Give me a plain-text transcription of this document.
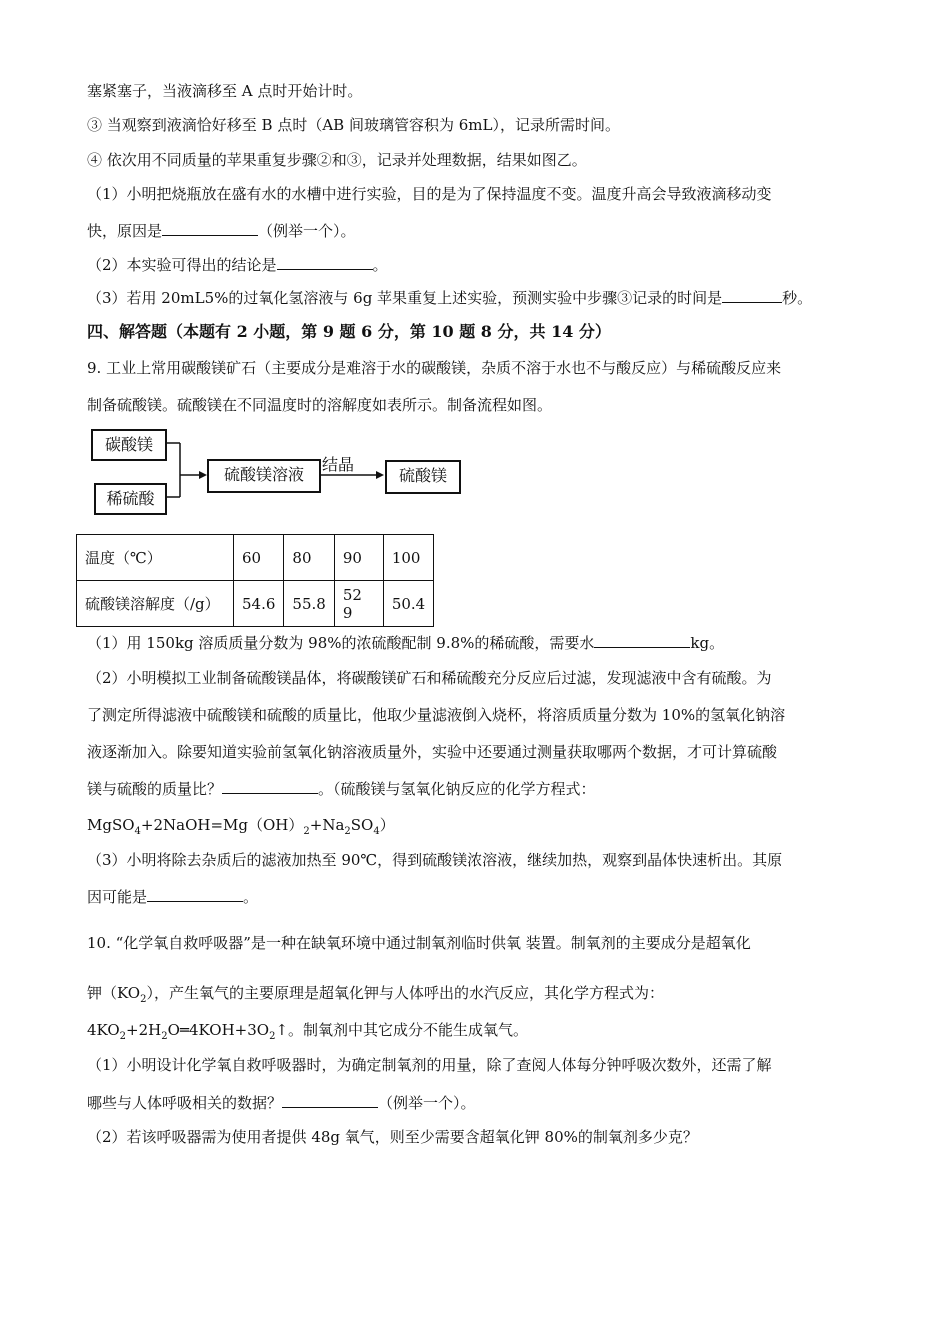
塞紧塞子，当液滴移至 A 点时开始计时。
③ 当观察到液滴恰好移至 B 点时（AB 间玻璃管容积为 6mL），记录所需时间。
④ 依次用不同质量的苹果重复步骤②和③，记录并处理数据，结果如图乙。
（1）小明把烧瓶放在盛有水的水槽中进行实验，目的是为了保持温度不变。温度升高会导致液滴移动变
快，原因是	（例举一个）。
（2）本实验可得出的结论是	。
（3）若用 20mL5%的过氧化氢溶液与 6g 苹果重复上述实验，预测实验中步骤③记录的时间是	秒。
四、解答题（本题有 2 小题，第 9 题 6 分，第 10 题 8 分，共 14 分）
9. 工业上常用碳酸镁矿石（主要成分是难溶于水的碳酸镁，杂质不溶于水也不与酸反应）与稀硫酸反应来
制备硫酸镁。硫酸镁在不同温度时的溶解度如表所示。制备流程如图。
碳酸镁
稀硫酸
硫酸镁溶液	硫酸镁
结晶
温度（℃）	60	80	90	100
硫酸镁溶解度（/g）	54.6	55.8	52 9	50.4
（1）用 150kg 溶质质量分数为 98%的浓硫酸配制 9.8%的稀硫酸，需要水	kg。
（2）小明模拟工业制备硫酸镁晶体，将碳酸镁矿石和稀硫酸充分反应后过滤，发现滤液中含有硫酸。为
了测定所得滤液中硫酸镁和硫酸的质量比，他取少量滤液倒入烧杯，将溶质质量分数为 10%的氢氧化钠溶
液逐渐加入。除要知道实验前氢氧化钠溶液质量外，实验中还要通过测量获取哪两个数据，才可计算硫酸
镁与硫酸的质量比？	。（硫酸镁与氢氧化钠反应的化学方程式：
$MgSO_4+2NaOH=Mg(OH)_2+Na_2SO_4$）
（3）小明将除去杂质后的滤液加热至 90℃，得到硫酸镁浓溶液，继续加热，观察到晶体快速析出。其原
因可能是	。
10. “化学氧自救呼吸器”是一种在缺氧环境中通过制氧剂临时供氧 装置。制氧剂的主要成分是超氧化
钾$(KO_2)$，产生氧气的主要原理是超氧化钾与人体呼出的水汽反应，其化学方程式为：
$4KO_2+2H_2O═4KOH+3O_2↑$。制氧剂中其它成分不能生成氧气。
（1）小明设计化学氧自救呼吸器时，为确定制氧剂的用量，除了查阅人体每分钟呼吸次数外，还需了解
哪些与人体呼吸相关的数据？	（例举一个）。
（2）若该呼吸器需为使用者提供 48g 氧气，则至少需要含超氧化钾 80%的制氧剂多少克？
